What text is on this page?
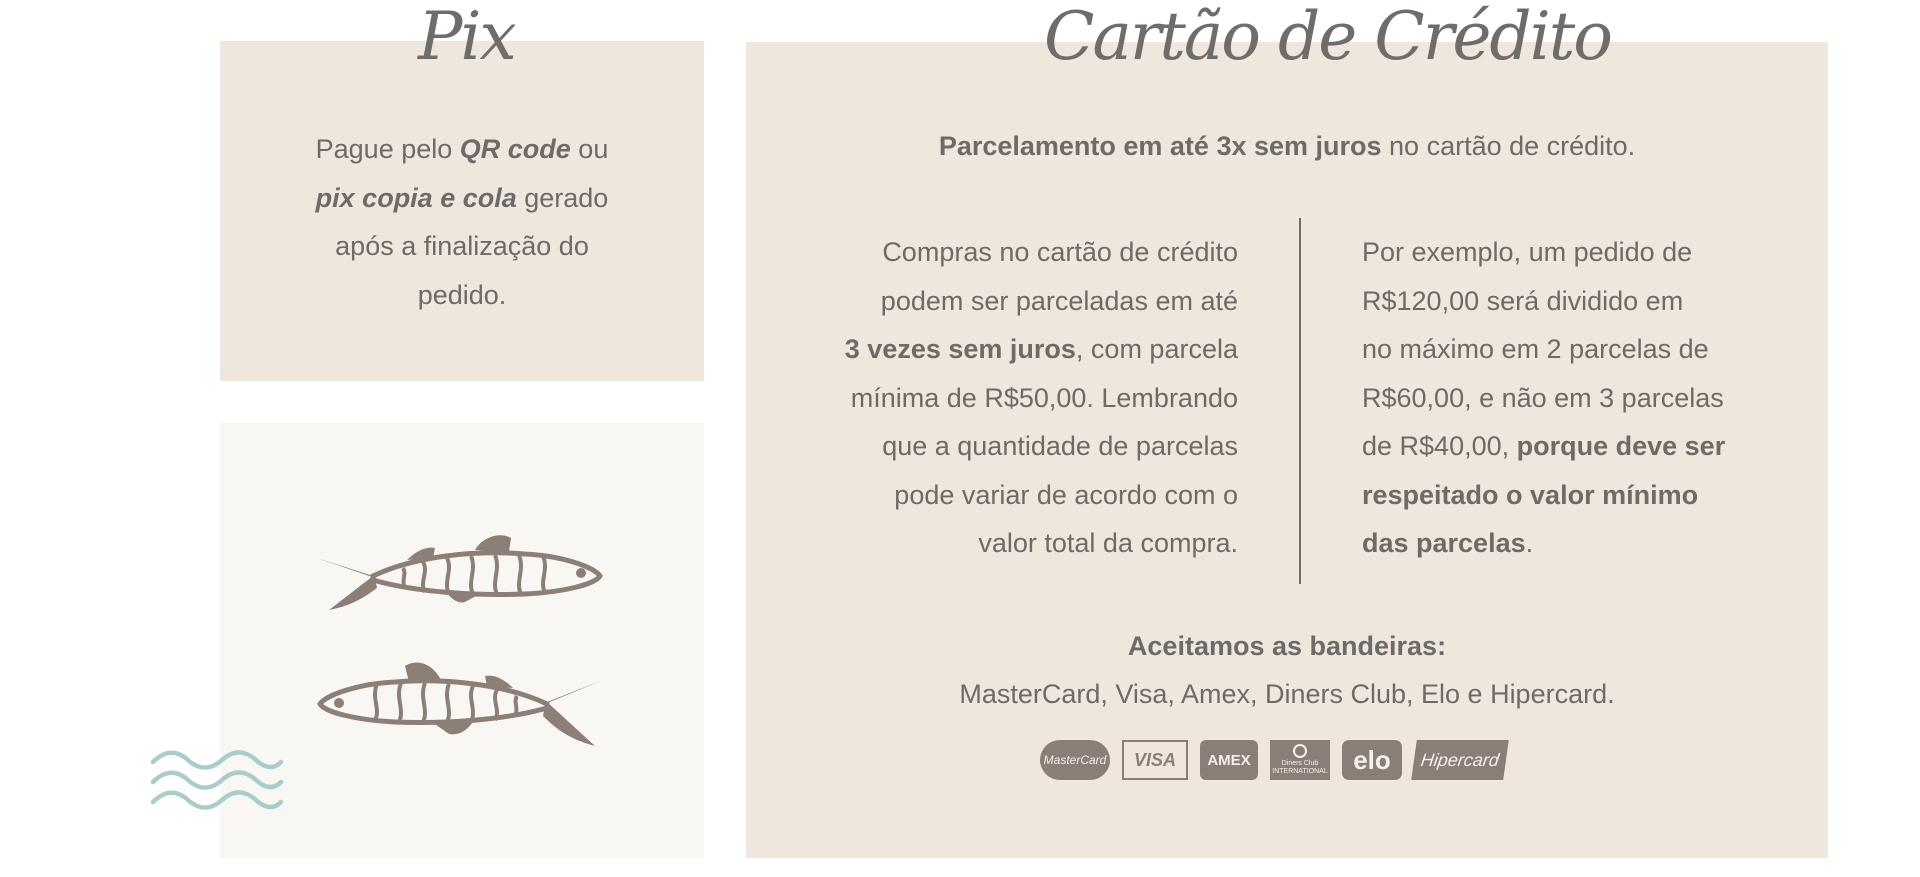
Pix	Cartão de Crédito
Pague pelo QR code ou
pix copia e cola gerado
após a finalização do
pedido.
Parcelamento em até 3x sem juros no cartão de crédito.
Compras no cartão de crédito
podem ser parceladas em até
3 vezes sem juros, com parcela
mínima de R$50,00. Lembrando
que a quantidade de parcelas
pode variar de acordo com o
valor total da compra.
Por exemplo, um pedido de
R$120,00 será dividido em
no máximo em 2 parcelas de
R$60,00, e não em 3 parcelas
de R$40,00, porque deve ser
respeitado o valor mínimo
das parcelas.
Aceitamos as bandeiras:
MasterCard, Visa, Amex, Diners Club, Elo e Hipercard.
MasterCard	VISA	AMEX	Diners Club
INTERNATIONAL elo	Hipercard
